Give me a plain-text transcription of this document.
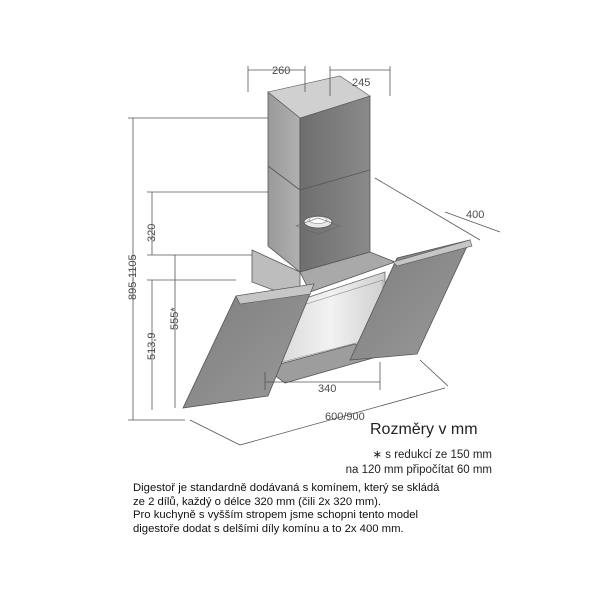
260
245
400
320
895-1105
513,9
555*
340
600/900
Rozměry v mm
∗ s redukcí ze 150 mm
na 120 mm připočítat 60 mm
Digestoř je standardně dodávaná s komínem, který se skládá
ze 2 dílů, každý o délce 320 mm (čili 2x 320 mm).
Pro kuchyně s vyšším stropem jsme schopni tento model
digestoře dodat s delšími díly komínu a to 2x 400 mm.
